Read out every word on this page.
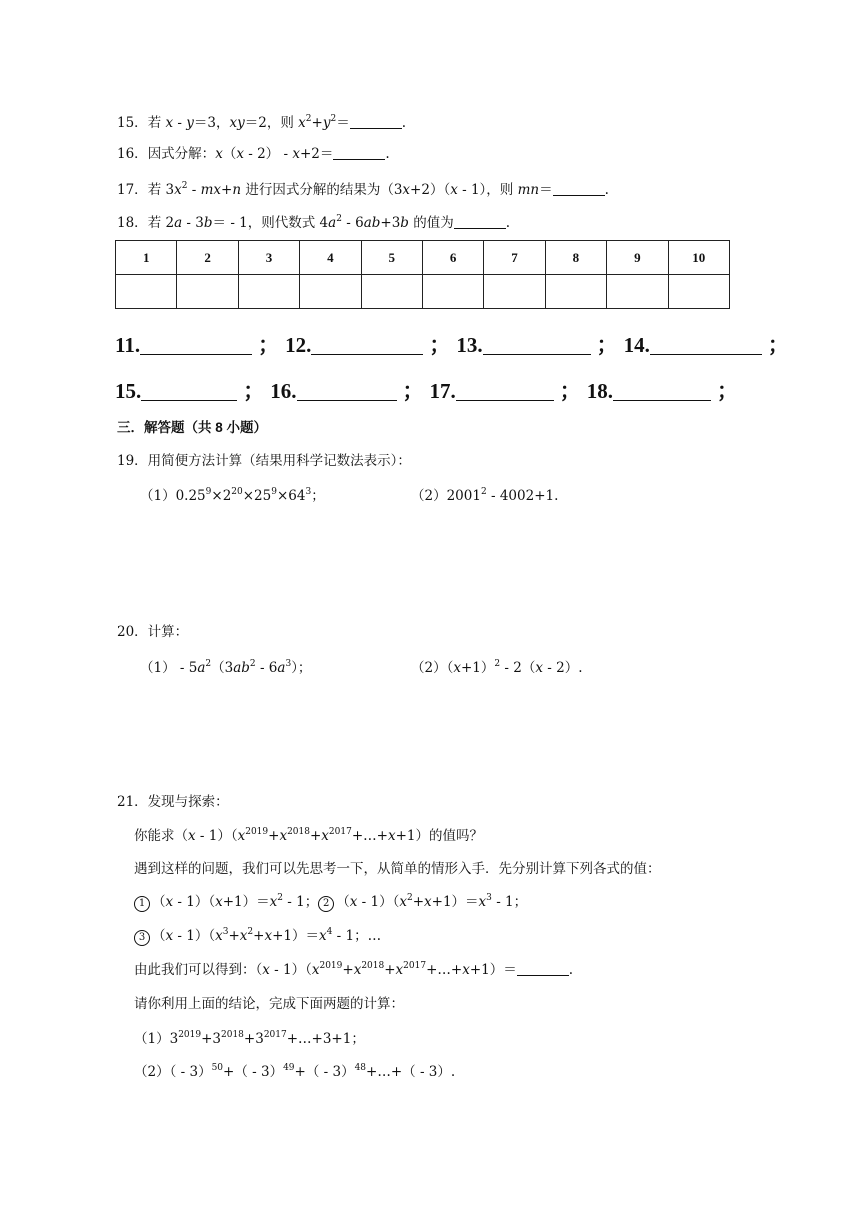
15．若 x - y＝3，xy＝2，则 $x^2+y^2=$	.
16．因式分解：x（x - 2） - x+2＝	.
17．若 $3x^2 - mx+n$ 进行因式分解的结果为（3x+2）（x - 1），则 mn＝	.
18．若 2a - 3b＝ - 1，则代数式 $4a^2 - 6ab+3b$ 的值为	.
1	2	3	4	5	6	7	8	9	10

11.	； 12.	； 13.	； 14.	；
15.	； 16.	； 17.	； 18.	；
三．解答题（共 8 小题）
19．用简便方法计算（结果用科学记数法表示）：
$(1)0.25^9\times 2^{20}\times 25^9\times 64^3$；	（2）2001$^2$ - 4002+1.
20．计算：
$(1) - 5a^2(3ab^2 - 6a^3)$；	$(2)(x+1)^2 - 2(x - 2)$.
21．发现与探索：
你能求$(x - 1)(x^{2019}+x^{2018}+x^{2017}+\dots+x+1)$的值吗？
遇到这样的问题，我们可以先思考一下，从简单的情形入手．先分别计算下列各式的值：
1 $(x - 1)(x+1)=x^2 - 1$； 2 $(x - 1)(x^2+x+1)=x^3 - 1$；
3 $(x - 1)(x^3+x^2+x+1)=x^4 - 1$；…
由此我们可以得到：$(x - 1)(x^{2019}+x^{2018}+x^{2017}+\dots+x+1)=$	.
请你利用上面的结论，完成下面两题的计算：
$(1)3^{2019}+3^{2018}+3^{2017}+\dots+3+1$；
（2）（ - 3）$^{50}$+（ - 3）$^{49}$+（ - 3）$^{48}$+…+（ - 3）.
